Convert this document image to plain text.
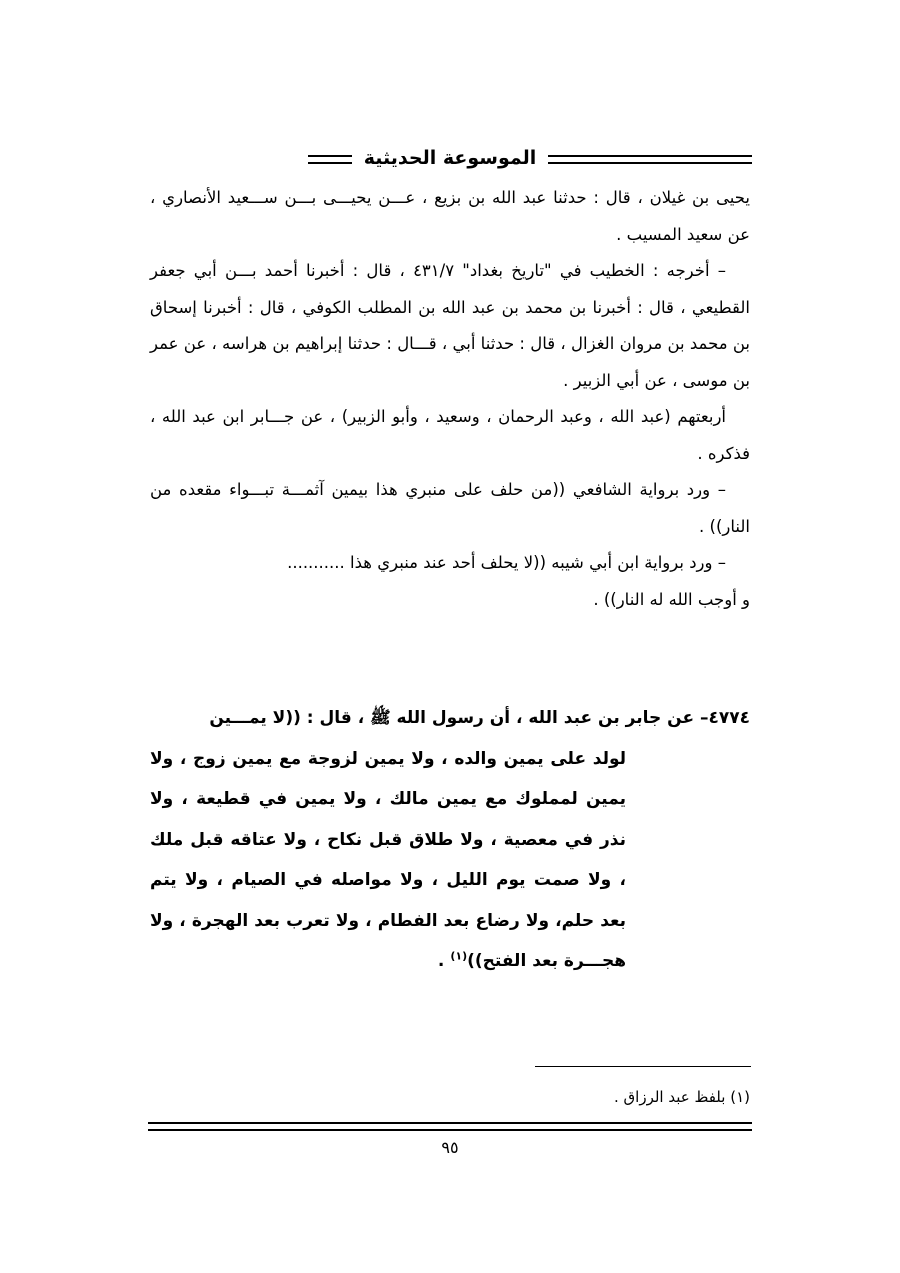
الموسوعة الحديثية

يحيى بن غيلان ، قال : حدثنا عبد الله بن بزيع ، عـــن يحيـــى بـــن ســـعيد الأنصاري ، عن سعيد المسيب .

– أخرجه : الخطيب في "تاريخ بغداد" ٤٣١/٧ ، قال : أخبرنا أحمد بـــن أبي جعفر القطيعي ، قال : أخبرنا بن محمد بن عبد الله بن المطلب الكوفي ، قال : أخبرنا إسحاق بن محمد بن مروان الغزال ، قال : حدثنا أبي ، قـــال : حدثنا إبراهيم بن هراسه ، عن عمر بن موسى ، عن أبي الزبير .

أربعتهم (عبد الله ، وعبد الرحمان ، وسعيد ، وأبو الزبير) ، عن جـــابر ابن عبد الله ، فذكره .

– ورد برواية الشافعي ((من حلف على منبري هذا بيمين آثمـــة تبـــواء مقعده من النار)) .

– ورد برواية ابن أبي شيبه ((لا يحلف أحد عند منبري هذا ...........

و أوجب الله له النار)) .

٤٧٧٤– عن جابر بن عبد الله ، أن رسول الله ﷺ ، قال : ((لا يمـــين
لولد على يمين والده ، ولا يمين لزوجة مع يمين زوج ، ولا يمين لمملوك مع يمين مالك ، ولا يمين في قطيعة ، ولا نذر في معصية ، ولا طلاق قبل نكاح ، ولا عتاقه قبل ملك ، ولا صمت يوم الليل ، ولا مواصله في الصيام ، ولا يتم بعد حلم، ولا رضاع بعد الفطام ، ولا تعرب بعد الهجرة ، ولا هجـــرة بعد الفتح))$^{(١)}$ .
(١) بلفظ عبد الرزاق .
٩٥
